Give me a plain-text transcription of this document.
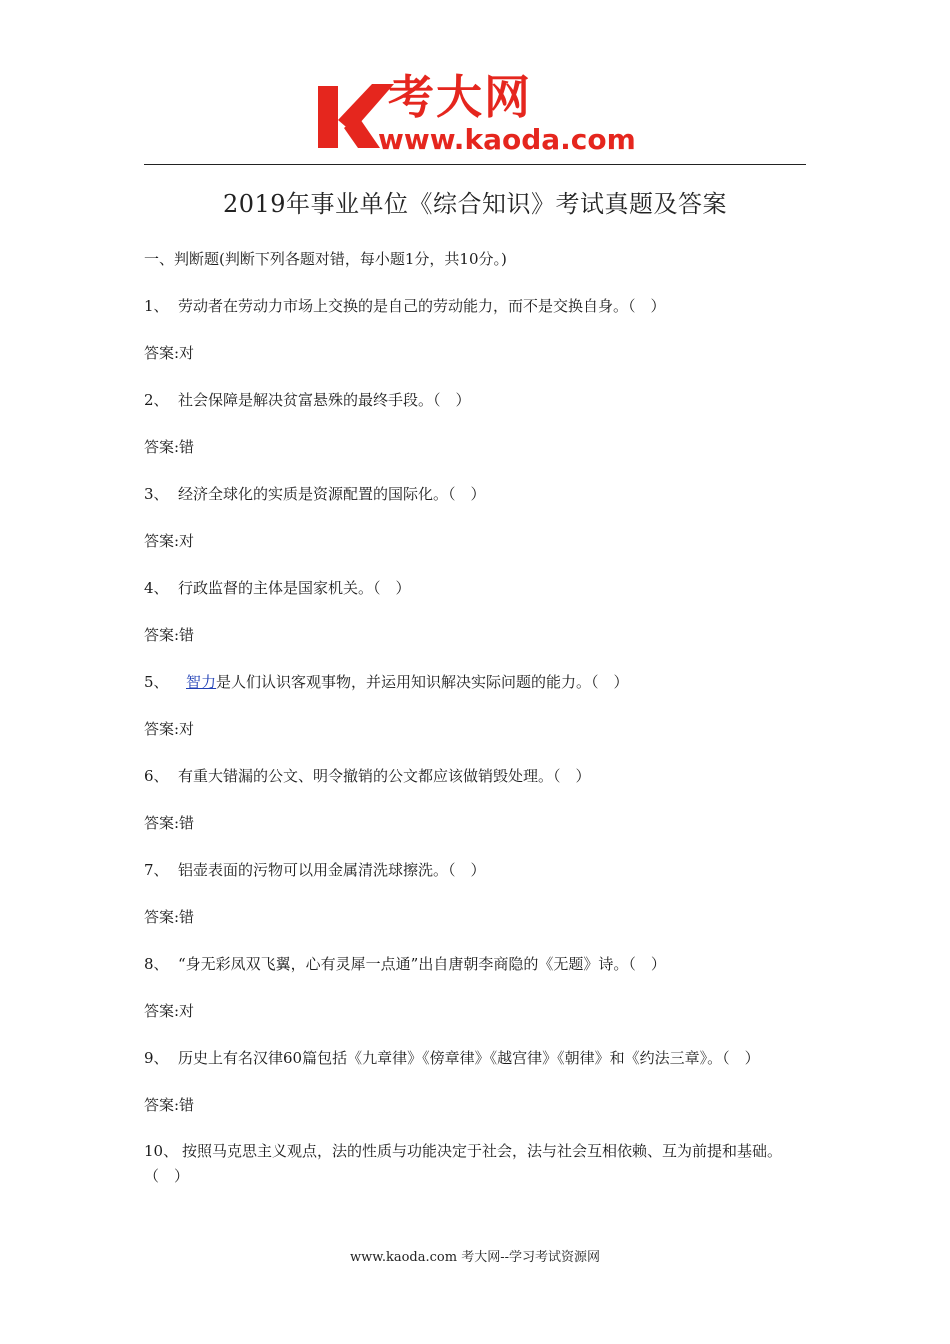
考大网
www.kaoda.com
2019年事业单位《综合知识》考试真题及答案

一、判断题(判断下列各题对错，每小题1分，共10分。)

1、 劳动者在劳动力市场上交换的是自己的劳动能力，而不是交换自身。（　）

答案:对

2、 社会保障是解决贫富悬殊的最终手段。（　）

答案:错

3、 经济全球化的实质是资源配置的国际化。（　）

答案:对

4、 行政监督的主体是国家机关。（　）

答案:错

5、 智力是人们认识客观事物，并运用知识解决实际问题的能力。（　）

答案:对

6、 有重大错漏的公文、明令撤销的公文都应该做销毁处理。（　）

答案:错

7、 铝壶表面的污物可以用金属清洗球擦洗。（　）

答案:错

8、 “身无彩凤双飞翼，心有灵犀一点通”出自唐朝李商隐的《无题》诗。（　）

答案:对

9、 历史上有名汉律60篇包括《九章律》《傍章律》《越宫律》《朝律》和《约法三章》。（　）

答案:错

10、 按照马克思主义观点，法的性质与功能决定于社会，法与社会互相依赖、互为前提和基础。（　）

www.kaoda.com 考大网--学习考试资源网
